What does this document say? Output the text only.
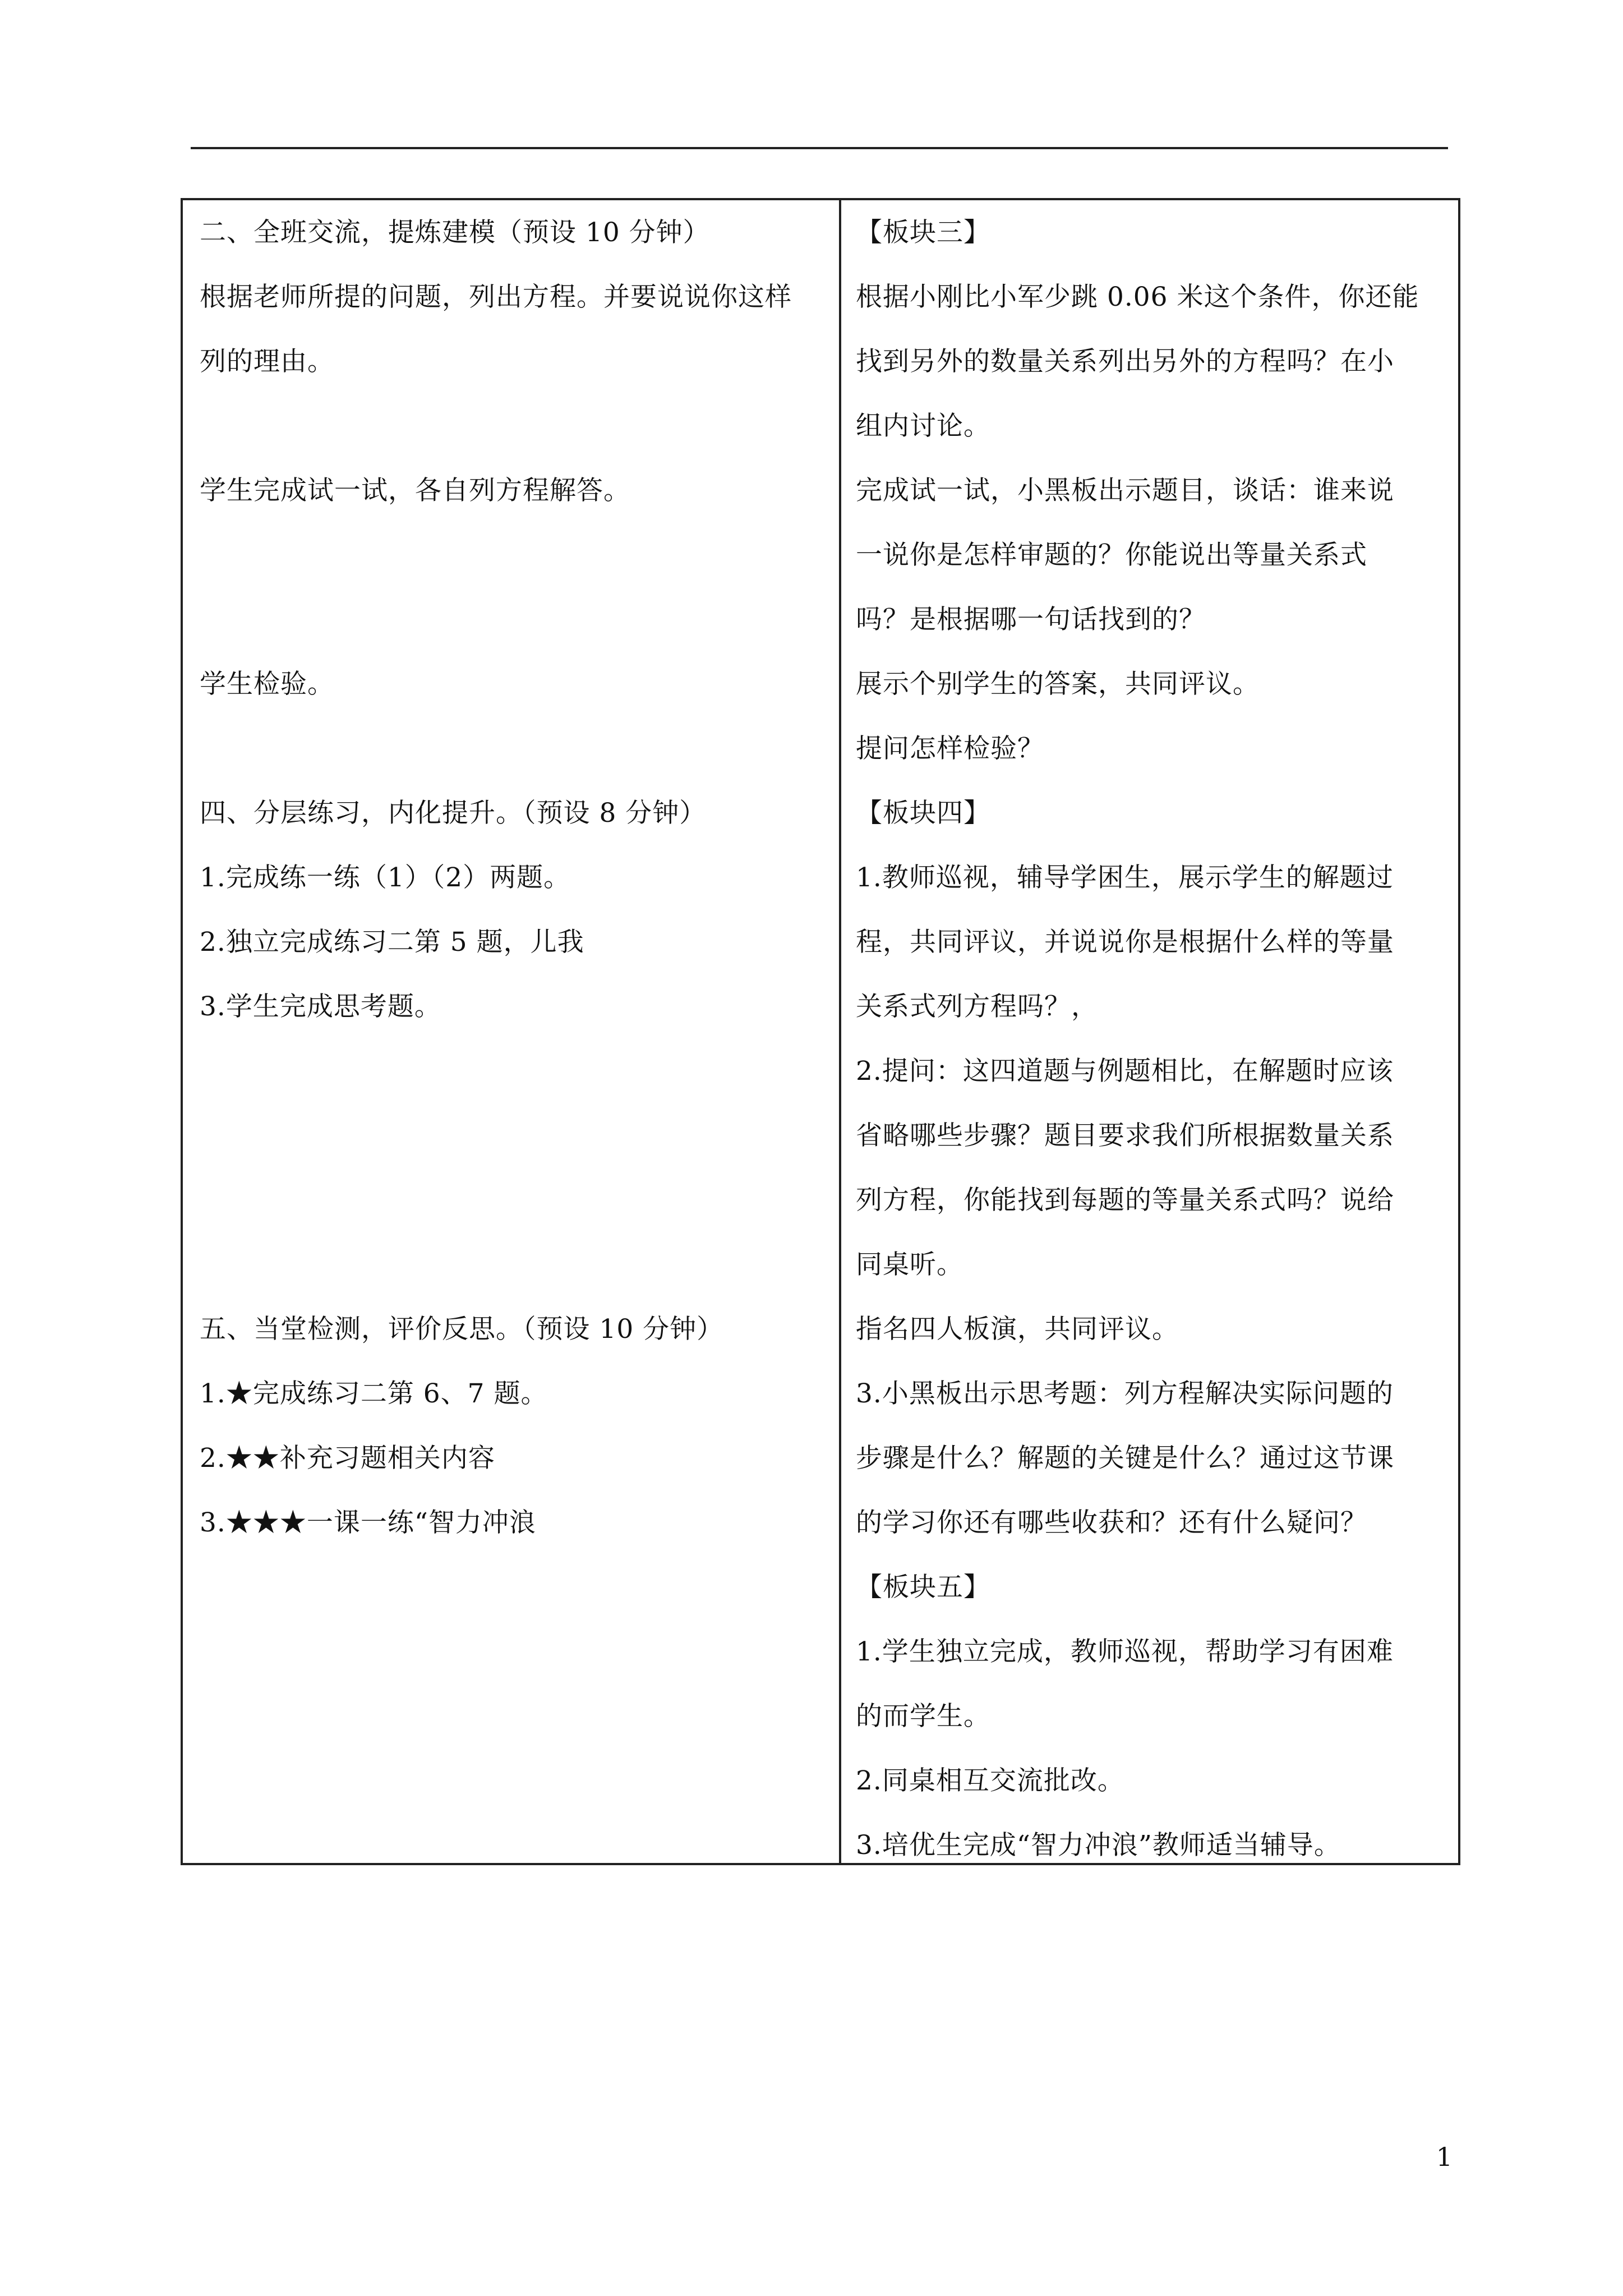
二、全班交流，提炼建模（预设 10 分钟）
根据老师所提的问题，列出方程。并要说说你这样
列的理由。
学生完成试一试，各自列方程解答。
学生检验。
四、分层练习，内化提升。（预设 8 分钟）
1.完成练一练（1）（2）两题。
2.独立完成练习二第 5 题，儿我
3.学生完成思考题。
五、当堂检测，评价反思。（预设 10 分钟）
1.★完成练习二第 6、7 题。
2.★★补充习题相关内容
3.★★★一课一练“智力冲浪
【板块三】
根据小刚比小军少跳 0.06 米这个条件，你还能
找到另外的数量关系列出另外的方程吗？在小
组内讨论。
完成试一试，小黑板出示题目，谈话：谁来说
一说你是怎样审题的？你能说出等量关系式
吗？是根据哪一句话找到的？
展示个别学生的答案，共同评议。
提问怎样检验？
【板块四】
1.教师巡视，辅导学困生，展示学生的解题过
程，共同评议，并说说你是根据什么样的等量
关系式列方程吗？，
2.提问：这四道题与例题相比，在解题时应该
省略哪些步骤？题目要求我们所根据数量关系
列方程，你能找到每题的等量关系式吗？说给
同桌听。
指名四人板演，共同评议。
3.小黑板出示思考题：列方程解决实际问题的
步骤是什么？解题的关键是什么？通过这节课
的学习你还有哪些收获和？还有什么疑问？
【板块五】
1.学生独立完成，教师巡视，帮助学习有困难
的而学生。
2.同桌相互交流批改。
3.培优生完成“智力冲浪”教师适当辅导。
1
